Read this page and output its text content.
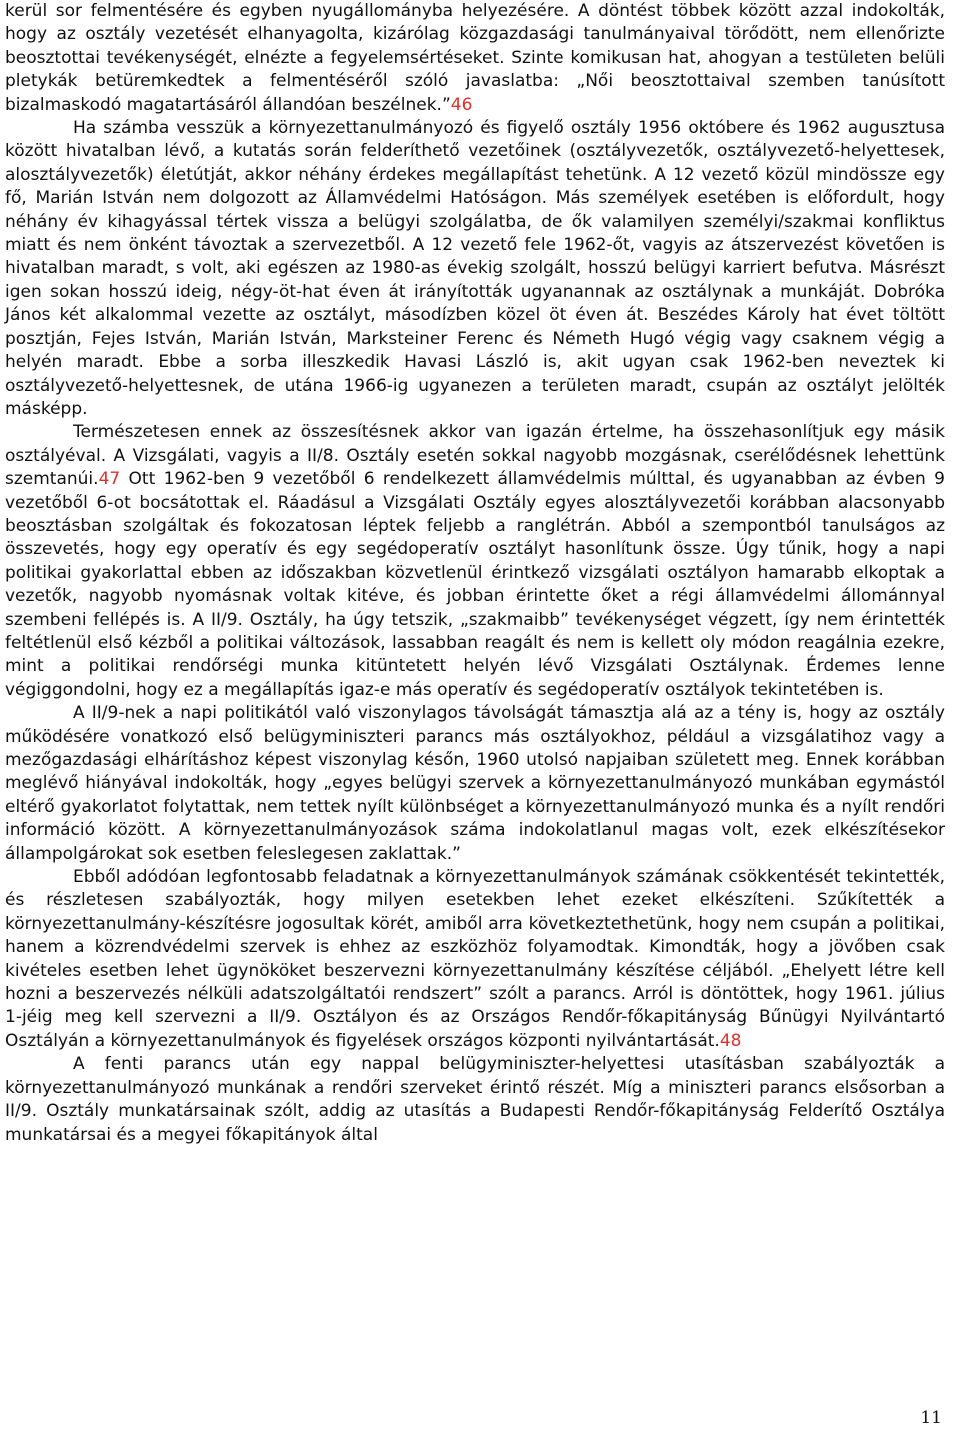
kerül sor felmentésére és egyben nyugállományba helyezésére. A döntést többek között azzal indokolták, hogy az osztály vezetését elhanyagolta, kizárólag közgazdasági tanulmányaival törődött, nem ellenőrizte beosztottai tevékenységét, elnézte a fegyelemsértéseket. Szinte komikusan hat, ahogyan a testületen belüli pletykák betüremkedtek a felmentéséről szóló javaslatba: „Női beosztottaival szemben tanúsított bizalmaskodó magatartásáról állandóan beszélnek.”46

Ha számba vesszük a környezettanulmányozó és figyelő osztály 1956 októbere és 1962 augusztusa között hivatalban lévő, a kutatás során felderíthető vezetőinek (osztályvezetők, osztályvezető-helyettesek, alosztályvezetők) életútját, akkor néhány érdekes megállapítást tehetünk. A 12 vezető közül mindössze egy fő, Marián István nem dolgozott az Államvédelmi Hatóságon. Más személyek esetében is előfordult, hogy néhány év kihagyással tértek vissza a belügyi szolgálatba, de ők valamilyen személyi/szakmai konfliktus miatt és nem önként távoztak a szervezetből. A 12 vezető fele 1962-őt, vagyis az átszervezést követően is hivatalban maradt, s volt, aki egészen az 1980-as évekig szolgált, hosszú belügyi karriert befutva. Másrészt igen sokan hosszú ideig, négy-öt-hat éven át irányították ugyanannak az osztálynak a munkáját. Dobróka János két alkalommal vezette az osztályt, másodízben közel öt éven át. Beszédes Károly hat évet töltött posztján, Fejes István, Marián István, Marksteiner Ferenc és Németh Hugó végig vagy csaknem végig a helyén maradt. Ebbe a sorba illeszkedik Havasi László is, akit ugyan csak 1962-ben neveztek ki osztályvezető-helyettesnek, de utána 1966-ig ugyanezen a területen maradt, csupán az osztályt jelölték másképp.

Természetesen ennek az összesítésnek akkor van igazán értelme, ha összehasonlítjuk egy másik osztályéval. A Vizsgálati, vagyis a II/8. Osztály esetén sokkal nagyobb mozgásnak, cserélődésnek lehettünk szemtanúi.47 Ott 1962-ben 9 vezetőből 6 rendelkezett államvédelmis múlttal, és ugyanabban az évben 9 vezetőből 6-ot bocsátottak el. Ráadásul a Vizsgálati Osztály egyes alosztályvezetői korábban alacsonyabb beosztásban szolgáltak és fokozatosan léptek feljebb a ranglétrán. Abból a szempontból tanulságos az összevetés, hogy egy operatív és egy segédoperatív osztályt hasonlítunk össze. Úgy tűnik, hogy a napi politikai gyakorlattal ebben az időszakban közvetlenül érintkező vizsgálati osztályon hamarabb elkoptak a vezetők, nagyobb nyomásnak voltak kitéve, és jobban érintette őket a régi államvédelmi állománnyal szembeni fellépés is. A II/9. Osztály, ha úgy tetszik, „szakmaibb” tevékenységet végzett, így nem érintették feltétlenül első kézből a politikai változások, lassabban reagált és nem is kellett oly módon reagálnia ezekre, mint a politikai rendőrségi munka kitüntetett helyén lévő Vizsgálati Osztálynak. Érdemes lenne végiggondolni, hogy ez a megállapítás igaz-e más operatív és segédoperatív osztályok tekintetében is.

A II/9-nek a napi politikától való viszonylagos távolságát támasztja alá az a tény is, hogy az osztály működésére vonatkozó első belügyminiszteri parancs más osztályokhoz, például a vizsgálatihoz vagy a mezőgazdasági elhárításhoz képest viszonylag későn, 1960 utolsó napjaiban született meg. Ennek korábban meglévő hiányával indokolták, hogy „egyes belügyi szervek a környezettanulmányozó munkában egymástól eltérő gyakorlatot folytattak, nem tettek nyílt különbséget a környezettanulmányozó munka és a nyílt rendőri információ között. A környezettanulmányozások száma indokolatlanul magas volt, ezek elkészítésekor állampolgárokat sok esetben feleslegesen zaklattak.”

Ebből adódóan legfontosabb feladatnak a környezettanulmányok számának csökkentését tekintették, és részletesen szabályozták, hogy milyen esetekben lehet ezeket elkészíteni. Szűkítették a környezettanulmány-készítésre jogosultak körét, amiből arra következtethetünk, hogy nem csupán a politikai, hanem a közrendvédelmi szervek is ehhez az eszközhöz folyamodtak. Kimondták, hogy a jövőben csak kivételes esetben lehet ügynököket beszervezni környezettanulmány készítése céljából. „Ehelyett létre kell hozni a beszervezés nélküli adatszolgáltatói rendszert” szólt a parancs. Arról is döntöttek, hogy 1961. július 1-jéig meg kell szervezni a II/9. Osztályon és az Országos Rendőr-főkapitányság Bűnügyi Nyilvántartó Osztályán a környezettanulmányok és figyelések országos központi nyilvántartását.48

A fenti parancs után egy nappal belügyminiszter-helyettesi utasításban szabályozták a környezettanulmányozó munkának a rendőri szerveket érintő részét. Míg a miniszteri parancs elsősorban a II/9. Osztály munkatársainak szólt, addig az utasítás a Budapesti Rendőr-főkapitányság Felderítő Osztálya munkatársai és a megyei főkapitányok által

11
